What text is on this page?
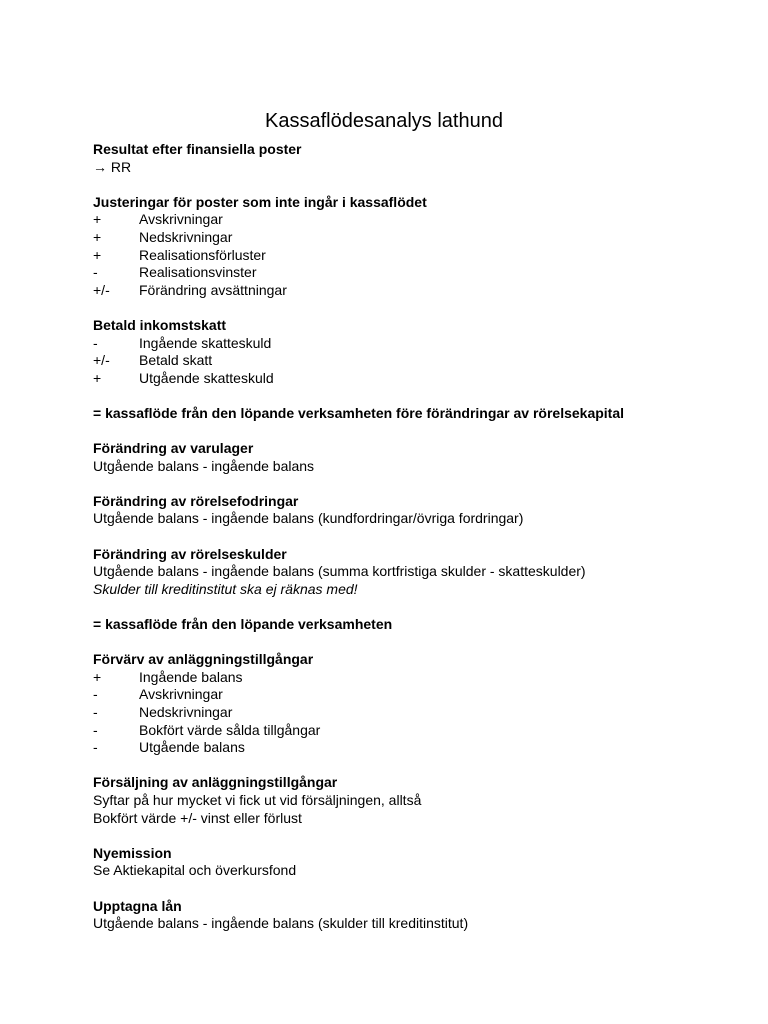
Kassaflödesanalys lathund
Resultat efter finansiella poster
→ RR
Justeringar för poster som inte ingår i kassaflödet
+	Avskrivningar
+	Nedskrivningar
+	Realisationsförluster
-	Realisationsvinster
+/- Förändring avsättningar
Betald inkomstskatt
-	Ingående skatteskuld
+/- Betald skatt
+	Utgående skatteskuld
= kassaflöde från den löpande verksamheten före förändringar av rörelsekapital
Förändring av varulager
Utgående balans - ingående balans
Förändring av rörelsefodringar
Utgående balans - ingående balans (kundfordringar/övriga fordringar)
Förändring av rörelseskulder
Utgående balans - ingående balans (summa kortfristiga skulder - skatteskulder)
Skulder till kreditinstitut ska ej räknas med!
= kassaflöde från den löpande verksamheten
Förvärv av anläggningstillgångar
+	Ingående balans
-	Avskrivningar
-	Nedskrivningar
-	Bokfört värde sålda tillgångar
-	Utgående balans
Försäljning av anläggningstillgångar
Syftar på hur mycket vi fick ut vid försäljningen, alltså
Bokfört värde +/- vinst eller förlust
Nyemission
Se Aktiekapital och överkursfond
Upptagna lån
Utgående balans - ingående balans (skulder till kreditinstitut)
